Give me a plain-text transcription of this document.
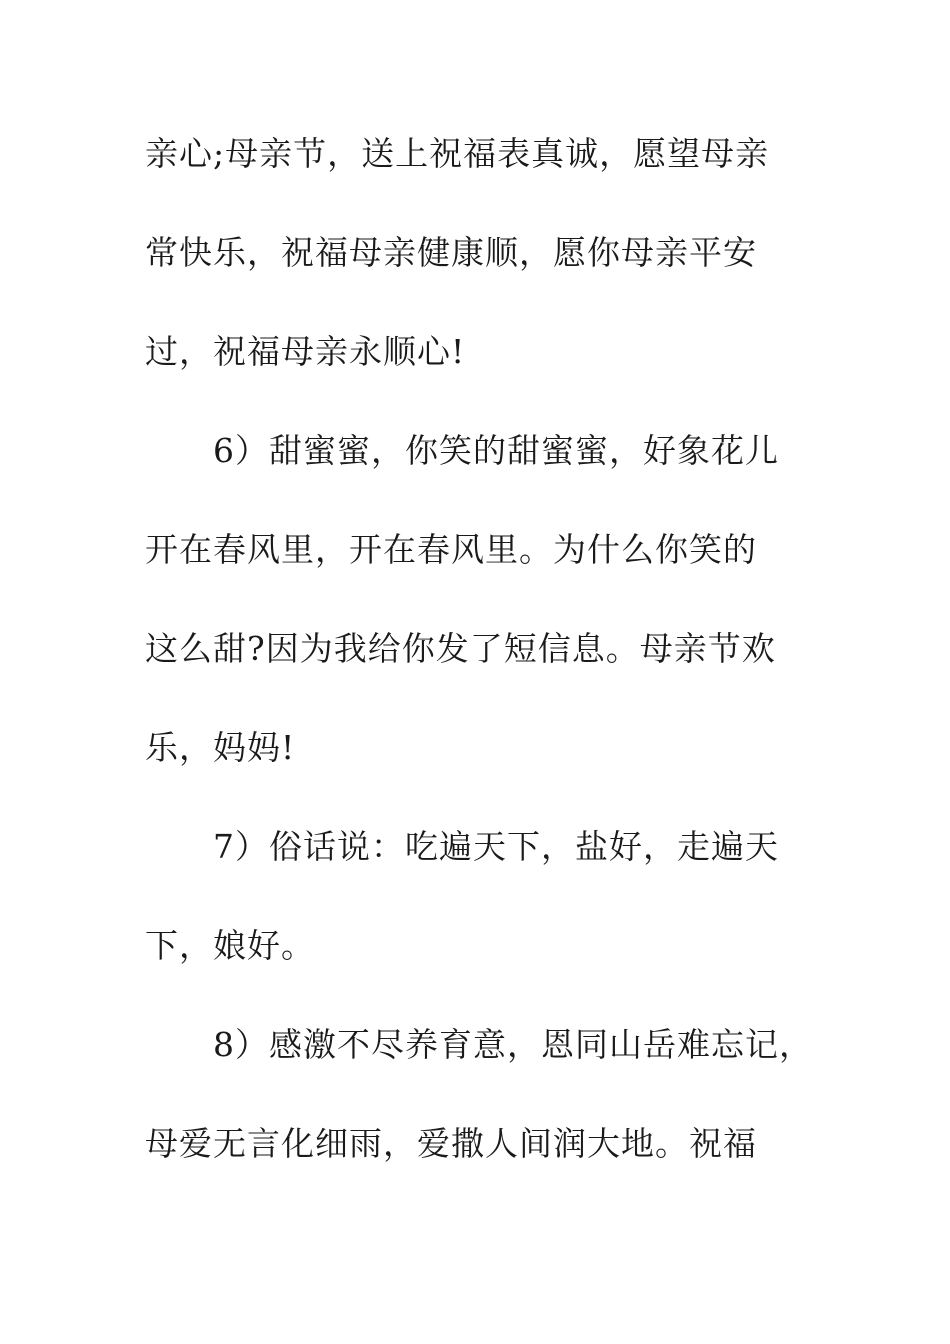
亲心;母亲节，送上祝福表真诚，愿望母亲
常快乐，祝福母亲健康顺，愿你母亲平安
过，祝福母亲永顺心!
6）甜蜜蜜，你笑的甜蜜蜜，好象花儿
开在春风里，开在春风里。为什么你笑的
这么甜?因为我给你发了短信息。母亲节欢
乐，妈妈!
7）俗话说：吃遍天下，盐好，走遍天
下，娘好。
8）感激不尽养育意，恩同山岳难忘记，
母爱无言化细雨，爱撒人间润大地。祝福
